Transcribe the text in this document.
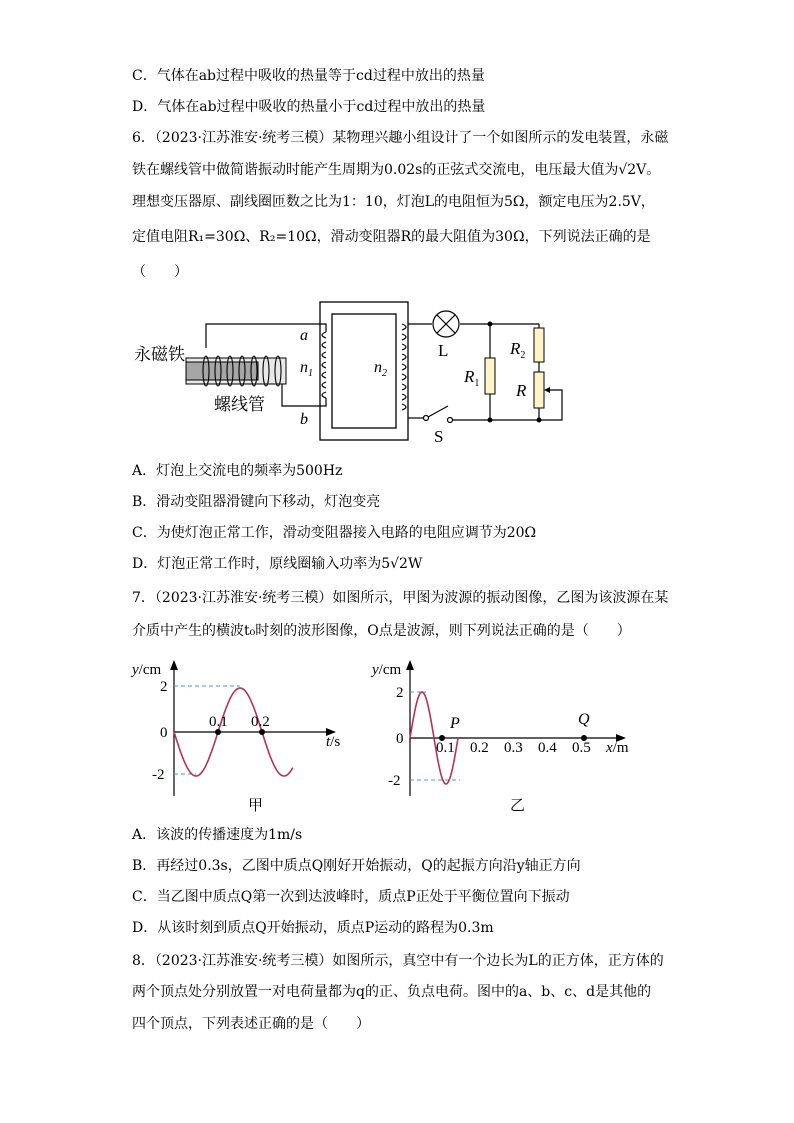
C．气体在ab过程中吸收的热量等于cd过程中放出的热量
D．气体在ab过程中吸收的热量小于cd过程中放出的热量
6．（2023·江苏淮安·统考三模）某物理兴趣小组设计了一个如图所示的发电装置，永磁
铁在螺线管中做简谐振动时能产生周期为0.02s的正弦式交流电，电压最大值为√2V。
理想变压器原、副线圈匝数之比为1：10，灯泡L的电阻恒为5Ω，额定电压为2.5V，
定值电阻R₁=30Ω、R₂=10Ω，滑动变阻器R的最大阻值为30Ω，下列说法正确的是
（　　）
永磁铁
螺线管
a
b
$n_1$	$n_2$
L
S
$R_1$
$R_2$
R
A．灯泡上交流电的频率为500Hz
B．滑动变阻器滑键向下移动，灯泡变亮
C．为使灯泡正常工作，滑动变阻器接入电路的电阻应调节为20Ω
D．灯泡正常工作时，原线圈输入功率为5√2W
7．（2023·江苏淮安·统考三模）如图所示，甲图为波源的振动图像，乙图为该波源在某
介质中产生的横波t₀时刻的波形图像，O点是波源，则下列说法正确的是（　　）
y/cm
t/s
2
0
-2
0.1 0.2
甲
y/cm
x/m
2
0
-2
0.1 0.2 0.3 0.4 0.5
P	Q
乙
A．该波的传播速度为1m/s
B．再经过0.3s，乙图中质点Q刚好开始振动，Q的起振方向沿y轴正方向
C．当乙图中质点Q第一次到达波峰时，质点P正处于平衡位置向下振动
D．从该时刻到质点Q开始振动，质点P运动的路程为0.3m
8．（2023·江苏淮安·统考三模）如图所示，真空中有一个边长为L的正方体，正方体的
两个顶点处分别放置一对电荷量都为q的正、负点电荷。图中的a、b、c、d是其他的
四个顶点，下列表述正确的是（　　）
